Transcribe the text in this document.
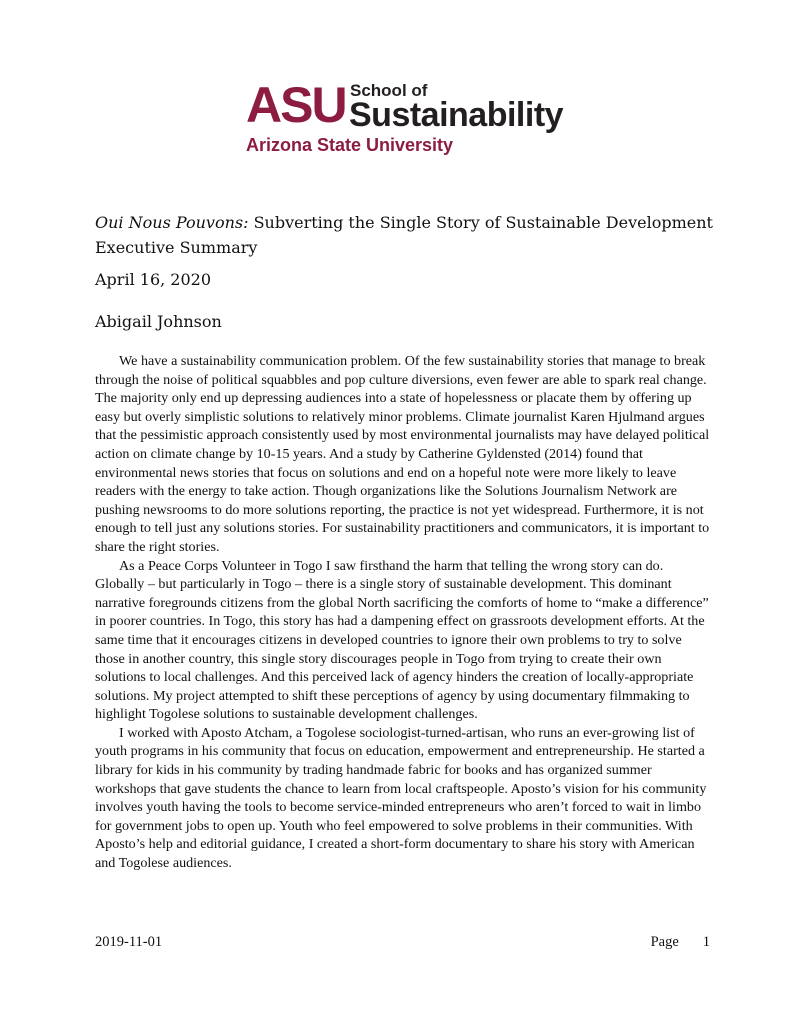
ASU School of
Sustainability
Arizona State University
Oui Nous Pouvons: Subverting the Single Story of Sustainable Development
Executive Summary
April 16, 2020
Abigail Johnson

We have a sustainability communication problem. Of the few sustainability stories that manage to break through the noise of political squabbles and pop culture diversions, even fewer are able to spark real change. The majority only end up depressing audiences into a state of hopelessness or placate them by offering up easy but overly simplistic solutions to relatively minor problems. Climate journalist Karen Hjulmand argues that the pessimistic approach consistently used by most environmental journalists may have delayed political action on climate change by 10-15 years. And a study by Catherine Gyldensted (2014) found that environmental news stories that focus on solutions and end on a hopeful note were more likely to leave readers with the energy to take action. Though organizations like the Solutions Journalism Network are pushing newsrooms to do more solutions reporting, the practice is not yet widespread. Furthermore, it is not enough to tell just any solutions stories. For sustainability practitioners and communicators, it is important to share the right stories.

As a Peace Corps Volunteer in Togo I saw firsthand the harm that telling the wrong story can do. Globally – but particularly in Togo – there is a single story of sustainable development. This dominant narrative foregrounds citizens from the global North sacrificing the comforts of home to “make a difference” in poorer countries. In Togo, this story has had a dampening effect on grassroots development efforts. At the same time that it encourages citizens in developed countries to ignore their own problems to try to solve those in another country, this single story discourages people in Togo from trying to create their own solutions to local challenges. And this perceived lack of agency hinders the creation of locally-appropriate solutions. My project attempted to shift these perceptions of agency by using documentary filmmaking to highlight Togolese solutions to sustainable development challenges.

I worked with Aposto Atcham, a Togolese sociologist-turned-artisan, who runs an ever-growing list of youth programs in his community that focus on education, empowerment and entrepreneurship. He started a library for kids in his community by trading handmade fabric for books and has organized summer workshops that gave students the chance to learn from local craftspeople. Aposto’s vision for his community involves youth having the tools to become service-minded entrepreneurs who aren’t forced to wait in limbo for government jobs to open up. Youth who feel empowered to solve problems in their communities. With Aposto’s help and editorial guidance, I created a short-form documentary to share his story with American and Togolese audiences.

2019-11-01	Page 1
